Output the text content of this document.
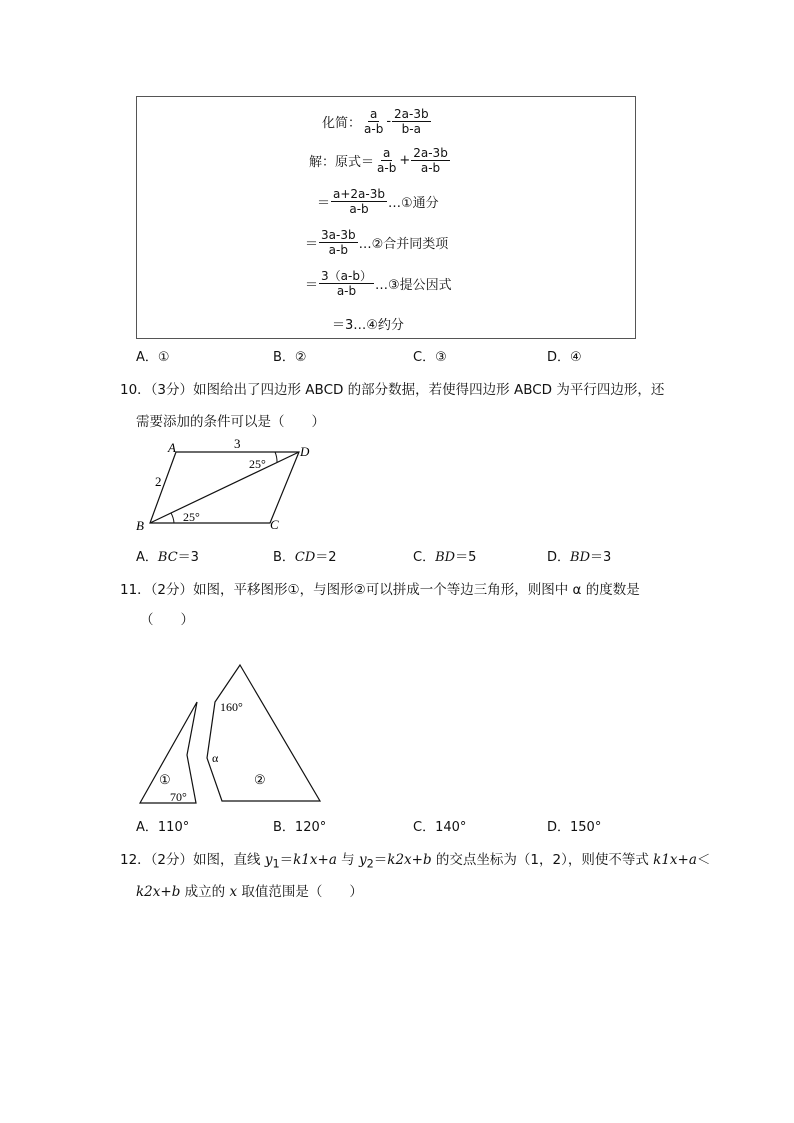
化简： $\frac{a}{a-b} - \frac{2a-3b}{b-a}$
解：原式＝ $\frac{a}{a-b} + \frac{2a-3b}{a-b}$
＝ $\frac{a+2a-3b}{a-b}$ …①通分
＝ $\frac{3a-3b}{a-b}$ …②合并同类项
＝ $\frac{3(a-b)}{a-b}$ …③提公因式
＝3…④约分
A．①	B．②	C．③	D．④
10．（3分）如图给出了四边形 ABCD 的部分数据，若使得四边形 ABCD 为平行四边形，还
需要添加的条件可以是（　　）
A
B	C
D
3
2
25°
25°
A．BC＝3	B．CD＝2	C．BD＝5	D．BD＝3
11．（2分）如图，平移图形①，与图形②可以拼成一个等边三角形，则图中 α 的度数是
（　　）
①	②
70°
160°
α
A．110°	B．120°	C．140°	D．150°
12．（2分）如图，直线 $y_1=k1x+a$ 与 $y_2=k2x+b$ 的交点坐标为（1，2），则使不等式 k1x+a＜
k2x+b 成立的 x 取值范围是（　　）
